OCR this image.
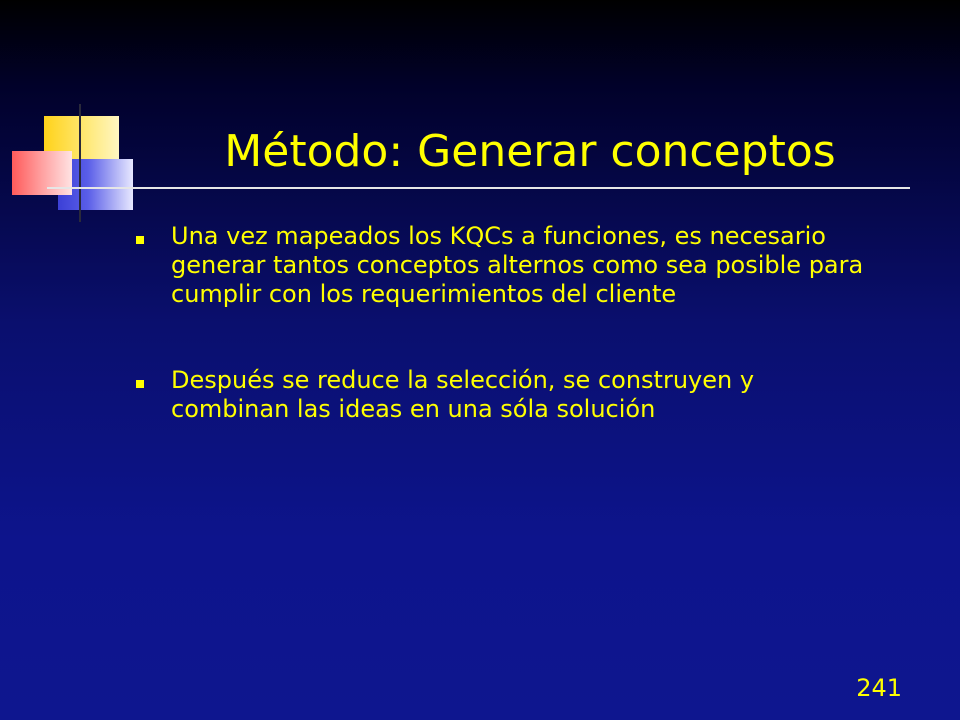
Método: Generar conceptos
Una vez mapeados los KQCs a funciones, es necesario generar tantos conceptos alternos como sea posible para cumplir con los requerimientos del cliente
Después se reduce la selección, se construyen y combinan las ideas en una sóla solución
241
